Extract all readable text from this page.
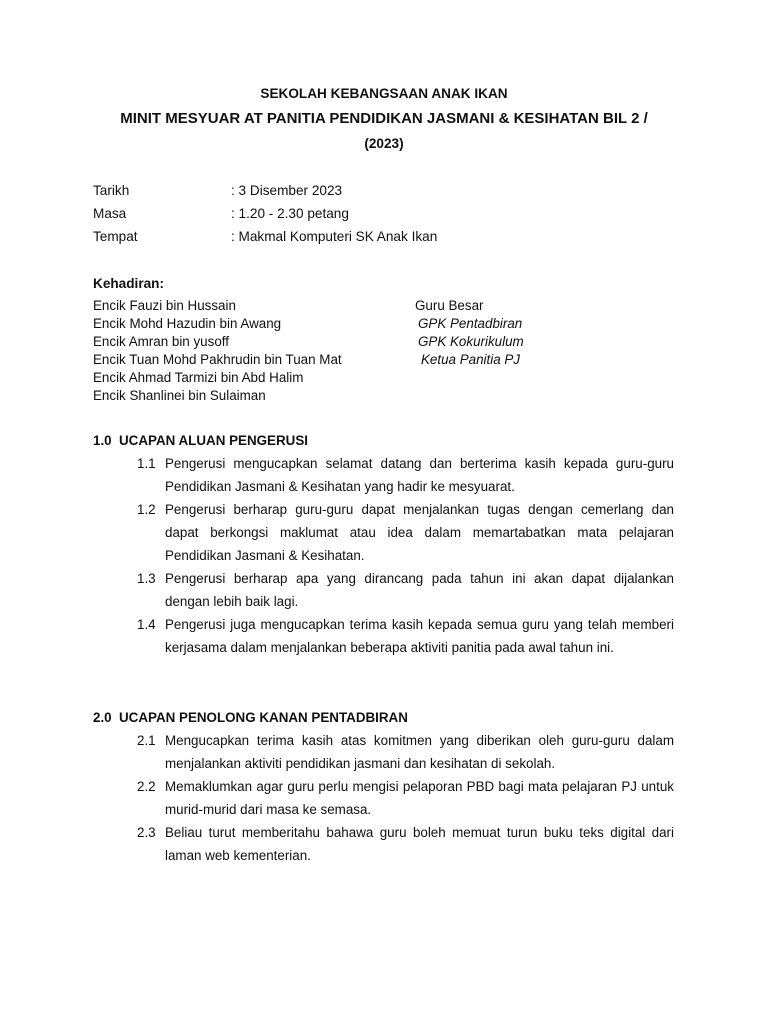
SEKOLAH KEBANGSAAN ANAK IKAN
MINIT MESYUAR AT PANITIA PENDIDIKAN JASMANI & KESIHATAN BIL 2 /
(2023)
Tarikh	: 3 Disember 2023
Masa	: 1.20 - 2.30 petang
Tempat	: Makmal Komputeri SK Anak Ikan
Kehadiran:
Encik Fauzi bin Hussain	Guru Besar
Encik Mohd Hazudin bin Awang	GPK Pentadbiran
Encik Amran bin yusoff	GPK Kokurikulum
Encik Tuan Mohd Pakhrudin bin Tuan Mat	Ketua Panitia PJ
Encik Ahmad Tarmizi bin Abd Halim
Encik Shanlinei bin Sulaiman
1.0 UCAPAN ALUAN PENGERUSI
1.1 Pengerusi mengucapkan selamat datang dan berterima kasih kepada guru-guru Pendidikan Jasmani & Kesihatan yang hadir ke mesyuarat.
1.2 Pengerusi berharap guru-guru dapat menjalankan tugas dengan cemerlang dan dapat berkongsi maklumat atau idea dalam memartabatkan mata pelajaran Pendidikan Jasmani & Kesihatan.
1.3 Pengerusi berharap apa yang dirancang pada tahun ini akan dapat dijalankan dengan lebih baik lagi.
1.4 Pengerusi juga mengucapkan terima kasih kepada semua guru yang telah memberi kerjasama dalam menjalankan beberapa aktiviti panitia pada awal tahun ini.
2.0 UCAPAN PENOLONG KANAN PENTADBIRAN
2.1 Mengucapkan terima kasih atas komitmen yang diberikan oleh guru-guru dalam menjalankan aktiviti pendidikan jasmani dan kesihatan di sekolah.
2.2 Memaklumkan agar guru perlu mengisi pelaporan PBD bagi mata pelajaran PJ untuk murid-murid dari masa ke semasa.
2.3 Beliau turut memberitahu bahawa guru boleh memuat turun buku teks digital dari laman web kementerian.
